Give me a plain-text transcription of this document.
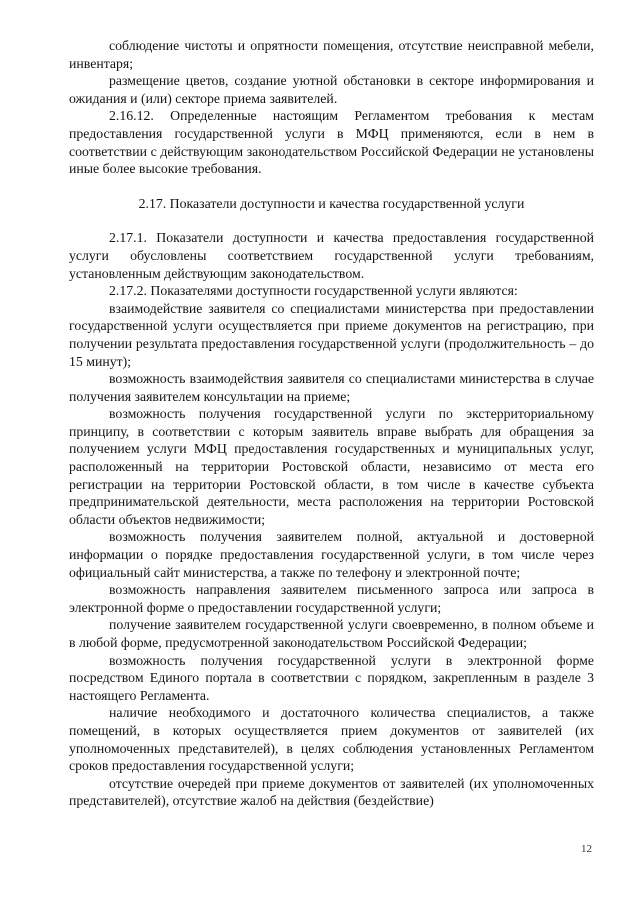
соблюдение чистоты и опрятности помещения, отсутствие неисправной мебели, инвентаря;

размещение цветов, создание уютной обстановки в секторе информирования и ожидания и (или) секторе приема заявителей.

2.16.12. Определенные настоящим Регламентом требования к местам предоставления государственной услуги в МФЦ применяются, если в нем в соответствии с действующим законодательством Российской Федерации не установлены иные более высокие требования.

2.17. Показатели доступности и качества государственной услуги

2.17.1. Показатели доступности и качества предоставления государственной услуги обусловлены соответствием государственной услуги требованиям, установленным действующим законодательством.

2.17.2. Показателями доступности государственной услуги являются:

взаимодействие заявителя со специалистами министерства при предоставлении государственной услуги осуществляется при приеме документов на регистрацию, при получении результата предоставления государственной услуги (продолжительность – до 15 минут);

возможность взаимодействия заявителя со специалистами министерства в случае получения заявителем консультации на приеме;

возможность получения государственной услуги по экстерриториальному принципу, в соответствии с которым заявитель вправе выбрать для обращения за получением услуги МФЦ предоставления государственных и муниципальных услуг, расположенный на территории Ростовской области, независимо от места его регистрации на территории Ростовской области, в том числе в качестве субъекта предпринимательской деятельности, места расположения на территории Ростовской области объектов недвижимости;

возможность получения заявителем полной, актуальной и достоверной информации о порядке предоставления государственной услуги, в том числе через официальный сайт министерства, а также по телефону и электронной почте;

возможность направления заявителем письменного запроса или запроса в электронной форме о предоставлении государственной услуги;

получение заявителем государственной услуги своевременно, в полном объеме и в любой форме, предусмотренной законодательством Российской Федерации;

возможность получения государственной услуги в электронной форме посредством Единого портала в соответствии с порядком, закрепленным в разделе 3 настоящего Регламента.

наличие необходимого и достаточного количества специалистов, а также помещений, в которых осуществляется прием документов от заявителей (их уполномоченных представителей), в целях соблюдения установленных Регламентом сроков предоставления государственной услуги;

отсутствие очередей при приеме документов от заявителей (их уполномоченных представителей), отсутствие жалоб на действия (бездействие)

12
